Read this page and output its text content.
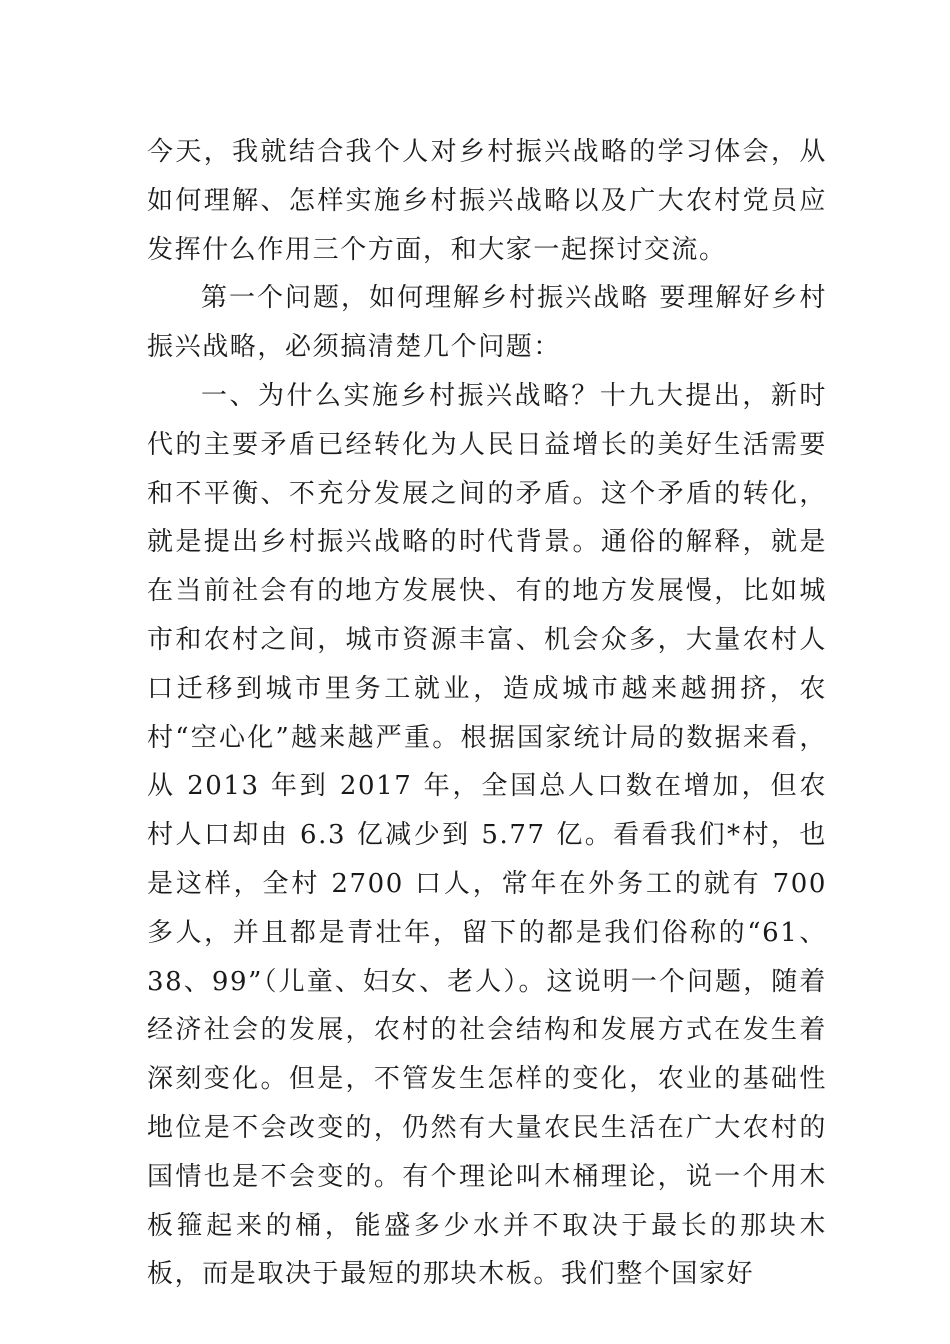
今天，我就结合我个人对乡村振兴战略的学习体会，从如何理解、怎样实施乡村振兴战略以及广大农村党员应发挥什么作用三个方面，和大家一起探讨交流。

第一个问题，如何理解乡村振兴战略 要理解好乡村振兴战略，必须搞清楚几个问题：

一、为什么实施乡村振兴战略？十九大提出，新时代的主要矛盾已经转化为人民日益增长的美好生活需要和不平衡、不充分发展之间的矛盾。这个矛盾的转化，就是提出乡村振兴战略的时代背景。通俗的解释，就是在当前社会有的地方发展快、有的地方发展慢，比如城市和农村之间，城市资源丰富、机会众多，大量农村人口迁移到城市里务工就业，造成城市越来越拥挤，农村“空心化”越来越严重。根据国家统计局的数据来看，从 2013 年到 2017 年，全国总人口数在增加，但农村人口却由 6.3 亿减少到 5.77 亿。看看我们*村，也是这样，全村 2700 口人，常年在外务工的就有 700 多人，并且都是青壮年，留下的都是我们俗称的“61、38、99”（儿童、妇女、老人）。这说明一个问题，随着经济社会的发展，农村的社会结构和发展方式在发生着深刻变化。但是，不管发生怎样的变化，农业的基础性地位是不会改变的，仍然有大量农民生活在广大农村的国情也是不会变的。有个理论叫木桶理论，说一个用木板箍起来的桶，能盛多少水并不取决于最长的那块木板，而是取决于最短的那块木板。我们整个国家好
